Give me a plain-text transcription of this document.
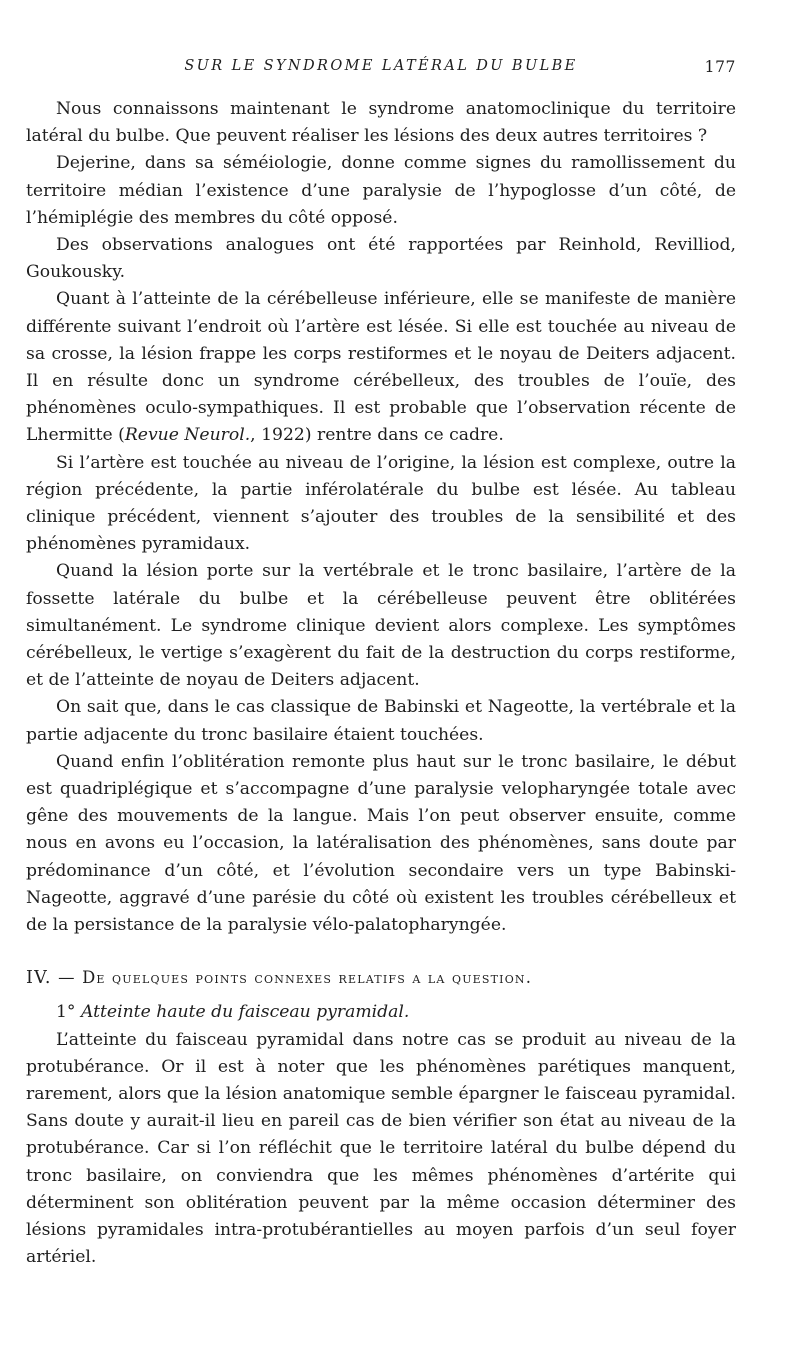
SUR LE SYNDROME LATÉRAL DU BULBE	177

Nous connaissons maintenant le syndrome anatomoclinique du territoire latéral du bulbe. Que peuvent réaliser les lésions des deux autres territoires ?

Dejerine, dans sa séméiologie, donne comme signes du ramollissement du territoire médian l’existence d’une paralysie de l’hypoglosse d’un côté, de l’hémiplégie des membres du côté opposé.

Des observations analogues ont été rapportées par Reinhold, Revilliod, Goukousky.

Quant à l’atteinte de la cérébelleuse inférieure, elle se manifeste de manière différente suivant l’endroit où l’artère est lésée. Si elle est touchée au niveau de sa crosse, la lésion frappe les corps restiformes et le noyau de Deiters adjacent. Il en résulte donc un syndrome cérébelleux, des troubles de l’ouïe, des phénomènes oculo-sympathiques. Il est probable que l’observation récente de Lhermitte (Revue Neurol., 1922) rentre dans ce cadre.

Si l’artère est touchée au niveau de l’origine, la lésion est complexe, outre la région précédente, la partie inférolatérale du bulbe est lésée. Au tableau clinique précédent, viennent s’ajouter des troubles de la sensibilité et des phénomènes pyramidaux.

Quand la lésion porte sur la vertébrale et le tronc basilaire, l’artère de la fossette latérale du bulbe et la cérébelleuse peuvent être oblitérées simultanément. Le syndrome clinique devient alors complexe. Les symptômes cérébelleux, le vertige s’exagèrent du fait de la destruction du corps restiforme, et de l’atteinte de noyau de Deiters adjacent.

On sait que, dans le cas classique de Babinski et Nageotte, la vertébrale et la partie adjacente du tronc basilaire étaient touchées.

Quand enfin l’oblitération remonte plus haut sur le tronc basilaire, le début est quadriplégique et s’accompagne d’une paralysie velopharyngée totale avec gêne des mouvements de la langue. Mais l’on peut observer ensuite, comme nous en avons eu l’occasion, la latéralisation des phénomènes, sans doute par prédominance d’un côté, et l’évolution secondaire vers un type Babinski-Nageotte, aggravé d’une parésie du côté où existent les troubles cérébelleux et de la persistance de la paralysie vélo-palatopharyngée.

IV. — De quelques points connexes relatifs a la question.
1° Atteinte haute du faisceau pyramidal.

L’atteinte du faisceau pyramidal dans notre cas se produit au niveau de la protubérance. Or il est à noter que les phénomènes parétiques manquent, rarement, alors que la lésion anatomique semble épargner le faisceau pyramidal. Sans doute y aurait-il lieu en pareil cas de bien vérifier son état au niveau de la protubérance. Car si l’on réfléchit que le territoire latéral du bulbe dépend du tronc basilaire, on conviendra que les mêmes phénomènes d’artérite qui déterminent son oblitération peuvent par la même occasion déterminer des lésions pyramidales intra-protubérantielles au moyen parfois d’un seul foyer artériel.
